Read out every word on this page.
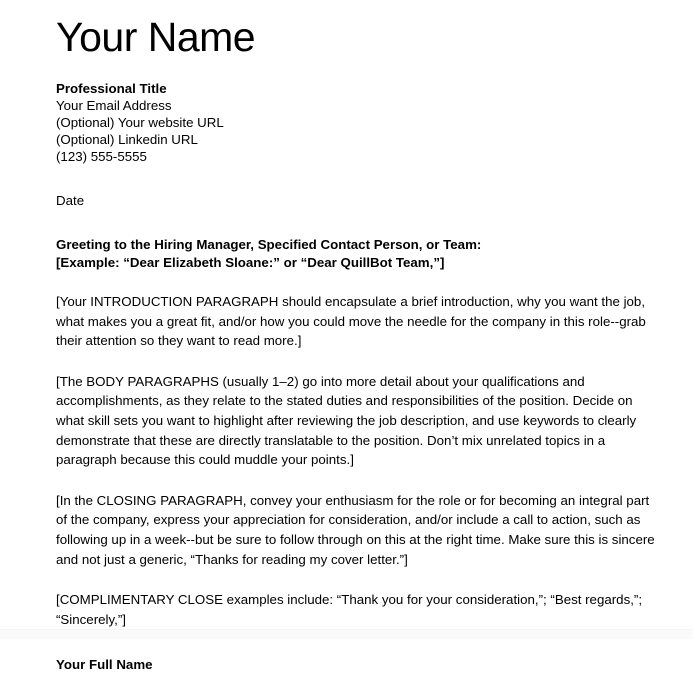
Your Name
Professional Title
Your Email Address
(Optional) Your website URL
(Optional) Linkedin URL
(123) 555-5555
Date
Greeting to the Hiring Manager, Specified Contact Person, or Team:
[Example: “Dear Elizabeth Sloane:” or “Dear QuillBot Team,”]

[Your INTRODUCTION PARAGRAPH should encapsulate a brief introduction, why you want the job, what makes you a great fit, and/or how you could move the needle for the company in this role--grab their attention so they want to read more.]

[The BODY PARAGRAPHS (usually 1–2) go into more detail about your qualifications and accomplishments, as they relate to the stated duties and responsibilities of the position. Decide on what skill sets you want to highlight after reviewing the job description, and use keywords to clearly demonstrate that these are directly translatable to the position. Don’t mix unrelated topics in a paragraph because this could muddle your points.]

[In the CLOSING PARAGRAPH, convey your enthusiasm for the role or for becoming an integral part of the company, express your appreciation for consideration, and/or include a call to action, such as following up in a week--but be sure to follow through on this at the right time. Make sure this is sincere and not just a generic, “Thanks for reading my cover letter.”]

[COMPLIMENTARY CLOSE examples include: “Thank you for your consideration,”; “Best regards,”; “Sincerely,”]

Your Full Name
